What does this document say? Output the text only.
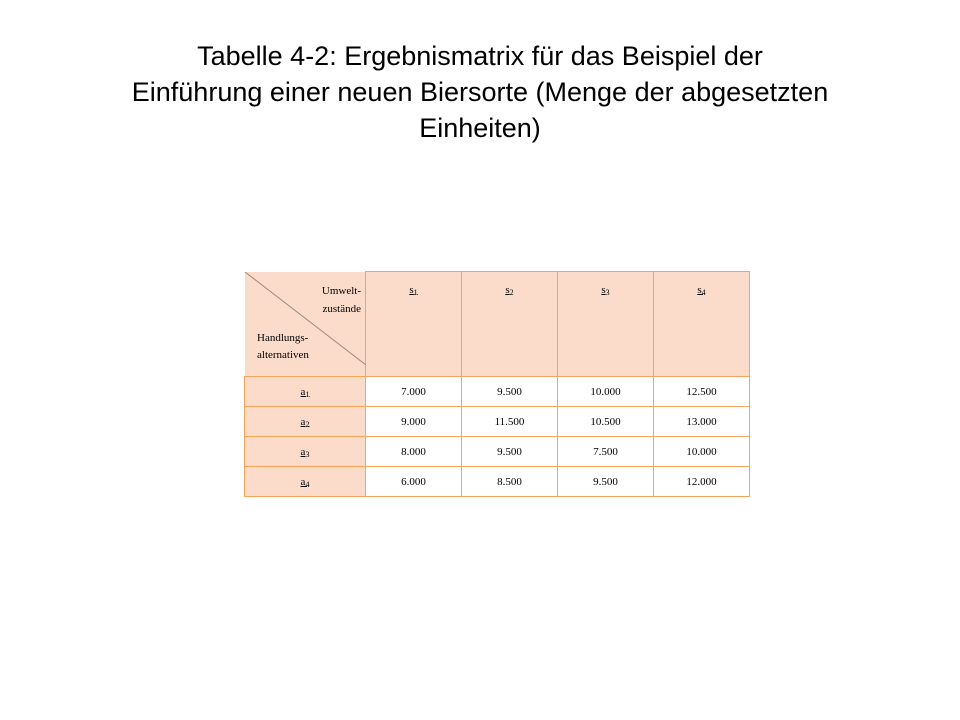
Tabelle 4-2: Ergebnismatrix für das Beispiel der
Einführung einer neuen Biersorte (Menge der abgesetzten
Einheiten)
Umwelt-
zustände
Handlungs-
alternativen	$s_1$	$s_2$	$s_3$	$s_4$
$a_1$	7.000	9.500	10.000	12.500
$a_2$	9.000	11.500	10.500	13.000
$a_3$	8.000	9.500	7.500	10.000
$a_4$	6.000	8.500	9.500	12.000
